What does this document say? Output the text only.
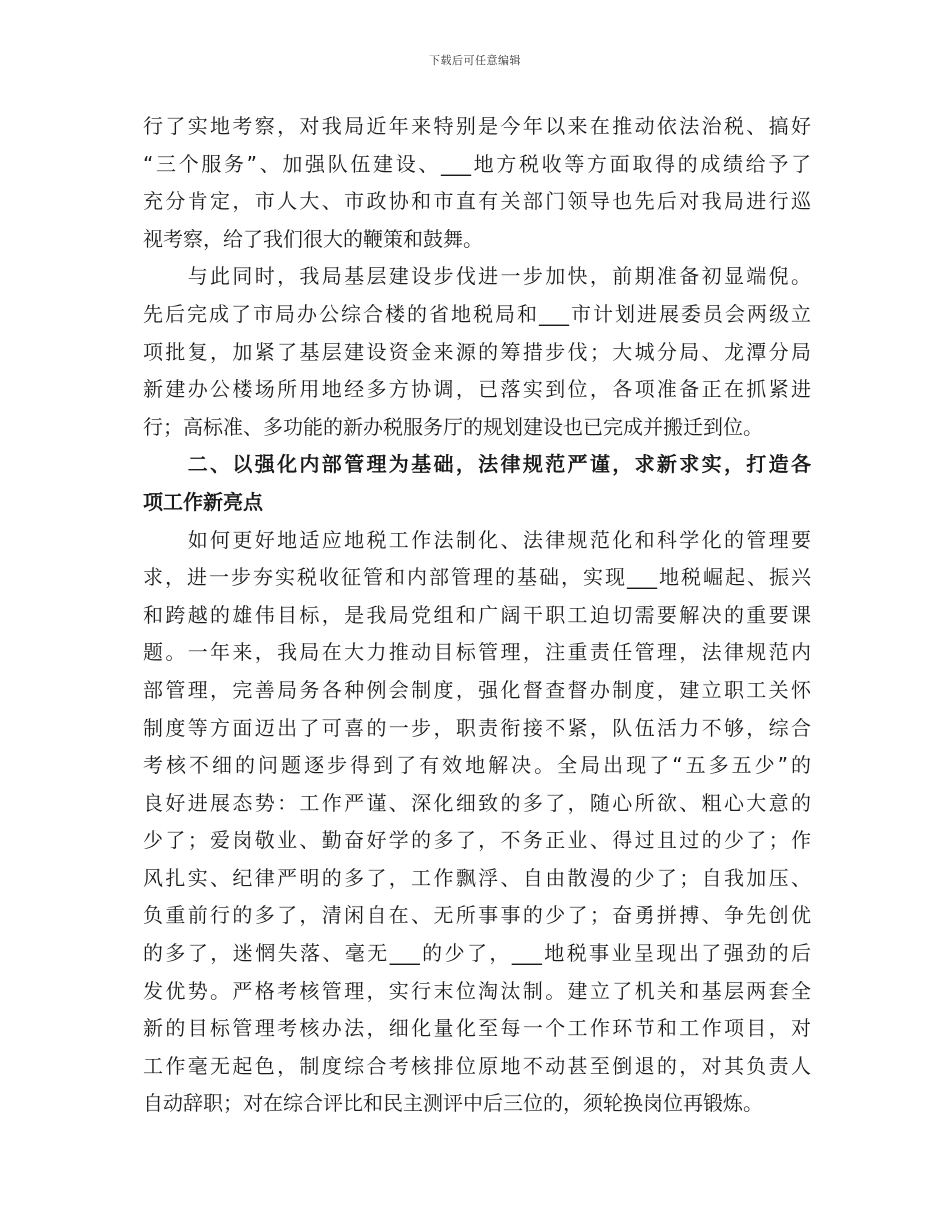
下载后可任意编辑
行了实地考察，对我局近年来特别是今年以来在推动依法治税、搞好
“三个服务”、加强队伍建设、___地方税收等方面取得的成绩给予了
充分肯定，市人大、市政协和市直有关部门领导也先后对我局进行巡
视考察，给了我们很大的鞭策和鼓舞。
　　与此同时，我局基层建设步伐进一步加快，前期准备初显端倪。
先后完成了市局办公综合楼的省地税局和___市计划进展委员会两级立
项批复，加紧了基层建设资金来源的筹措步伐；大城分局、龙潭分局
新建办公楼场所用地经多方协调，已落实到位，各项准备正在抓紧进
行；高标准、多功能的新办税服务厅的规划建设也已完成并搬迁到位。
　　二、以强化内部管理为基础，法律规范严谨，求新求实，打造各
项工作新亮点
　　如何更好地适应地税工作法制化、法律规范化和科学化的管理要
求，进一步夯实税收征管和内部管理的基础，实现___地税崛起、振兴
和跨越的雄伟目标，是我局党组和广阔干职工迫切需要解决的重要课
题。一年来，我局在大力推动目标管理，注重责任管理，法律规范内
部管理，完善局务各种例会制度，强化督查督办制度，建立职工关怀
制度等方面迈出了可喜的一步，职责衔接不紧，队伍活力不够，综合
考核不细的问题逐步得到了有效地解决。全局出现了“五多五少”的
良好进展态势：工作严谨、深化细致的多了，随心所欲、粗心大意的
少了；爱岗敬业、勤奋好学的多了，不务正业、得过且过的少了；作
风扎实、纪律严明的多了，工作飘浮、自由散漫的少了；自我加压、
负重前行的多了，清闲自在、无所事事的少了；奋勇拼搏、争先创优
的多了，迷惘失落、毫无___的少了，___地税事业呈现出了强劲的后
发优势。严格考核管理，实行末位淘汰制。建立了机关和基层两套全
新的目标管理考核办法，细化量化至每一个工作环节和工作项目，对
工作毫无起色，制度综合考核排位原地不动甚至倒退的，对其负责人
自动辞职；对在综合评比和民主测评中后三位的，须轮换岗位再锻炼。
